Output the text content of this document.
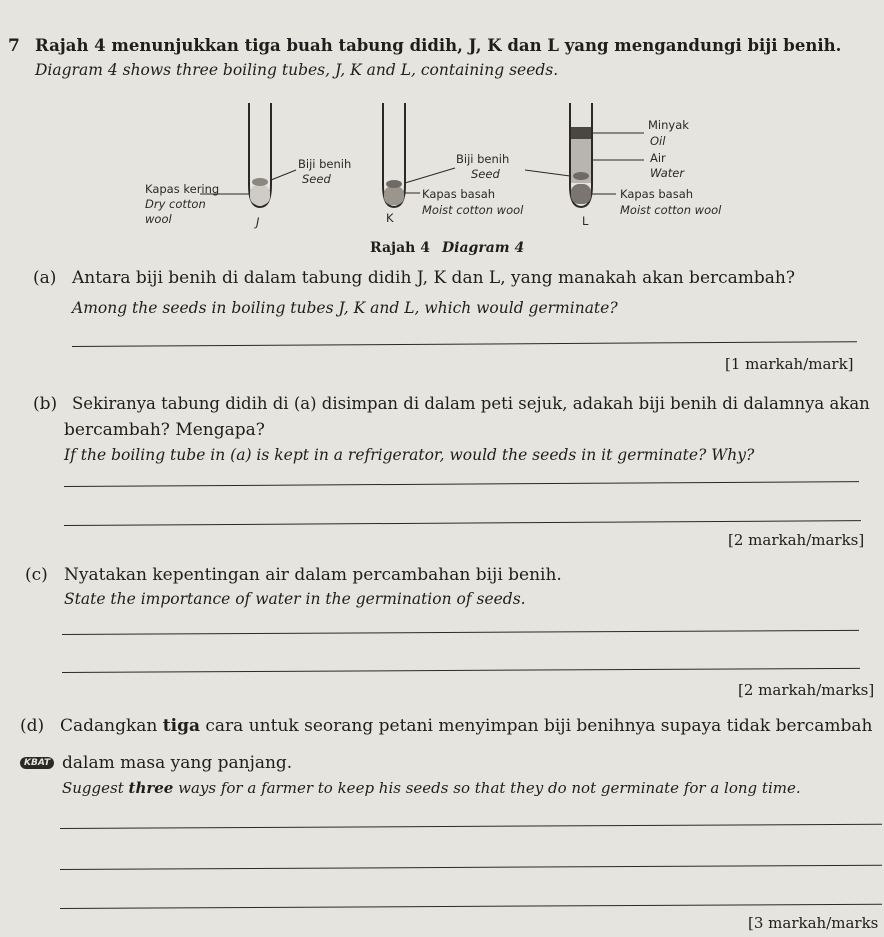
7 Rajah 4 menunjukkan tiga buah tabung didih, J, K dan L yang mengandungi biji benih.
Diagram 4 shows three boiling tubes, J, K and L, containing seeds.
Kapas kering
Dry cotton
wool
Biji benih
Seed
J
Biji benih
Seed
Kapas basah
Moist cotton wool
K
Minyak
Oil
Air
Water
Kapas basah
Moist cotton wool
L
Rajah 4 Diagram 4
(a) Antara biji benih di dalam tabung didih J, K dan L, yang manakah akan bercambah?
Among the seeds in boiling tubes J, K and L, which would germinate?
[1 markah/mark]
(b) Sekiranya tabung didih di (a) disimpan di dalam peti sejuk, adakah biji benih di dalamnya akan
bercambah? Mengapa?
If the boiling tube in (a) is kept in a refrigerator, would the seeds in it germinate? Why?
[2 markah/marks]
(c) Nyatakan kepentingan air dalam percambahan biji benih.
State the importance of water in the germination of seeds.
[2 markah/marks]
(d) Cadangkan tiga cara untuk seorang petani menyimpan biji benihnya supaya tidak bercambah
KBAT dalam masa yang panjang.
Suggest three ways for a farmer to keep his seeds so that they do not germinate for a long time.
[3 markah/marks
